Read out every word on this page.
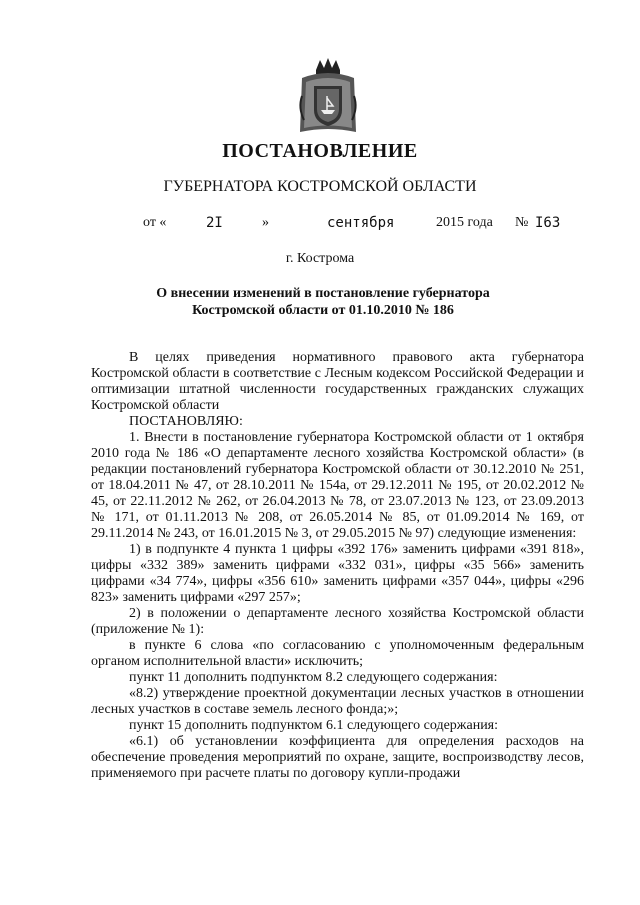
ПОСТАНОВЛЕНИЕ
ГУБЕРНАТОРА КОСТРОМСКОЙ ОБЛАСТИ
от «	2I	»	сентября	2015 года № I63
г. Кострома
О внесении изменений в постановление губернатора
Костромской области от 01.10.2010 № 186

В целях приведения нормативного правового акта губернатора Костромской области в соответствие с Лесным кодексом Российской Федерации и оптимизации штатной численности государственных гражданских служащих Костромской области

ПОСТАНОВЛЯЮ:

1. Внести в постановление губернатора Костромской области от 1 октября 2010 года № 186 «О департаменте лесного хозяйства Костромской области» (в редакции постановлений губернатора Костромской области от 30.12.2010 № 251, от 18.04.2011 № 47, от 28.10.2011 № 154а, от 29.12.2011 № 195, от 20.02.2012 № 45, от 22.11.2012 № 262, от 26.04.2013 № 78, от 23.07.2013 № 123, от 23.09.2013 № 171, от 01.11.2013 № 208, от 26.05.2014 № 85, от 01.09.2014 № 169, от 29.11.2014 № 243, от 16.01.2015 № 3, от 29.05.2015 № 97) следующие изменения:

1) в подпункте 4 пункта 1 цифры «392 176» заменить цифрами «391 818», цифры «332 389» заменить цифрами «332 031», цифры «35 566» заменить цифрами «34 774», цифры «356 610» заменить цифрами «357 044», цифры «296 823» заменить цифрами «297 257»;

2) в положении о департаменте лесного хозяйства Костромской области (приложение № 1):

в пункте 6 слова «по согласованию с уполномоченным федеральным органом исполнительной власти» исключить;

пункт 11 дополнить подпунктом 8.2 следующего содержания:

«8.2) утверждение проектной документации лесных участков в отношении лесных участков в составе земель лесного фонда;»;

пункт 15 дополнить подпунктом 6.1 следующего содержания:

«6.1) об установлении коэффициента для определения расходов на обеспечение проведения мероприятий по охране, защите, воспроизводству лесов, применяемого при расчете платы по договору купли-продажи
